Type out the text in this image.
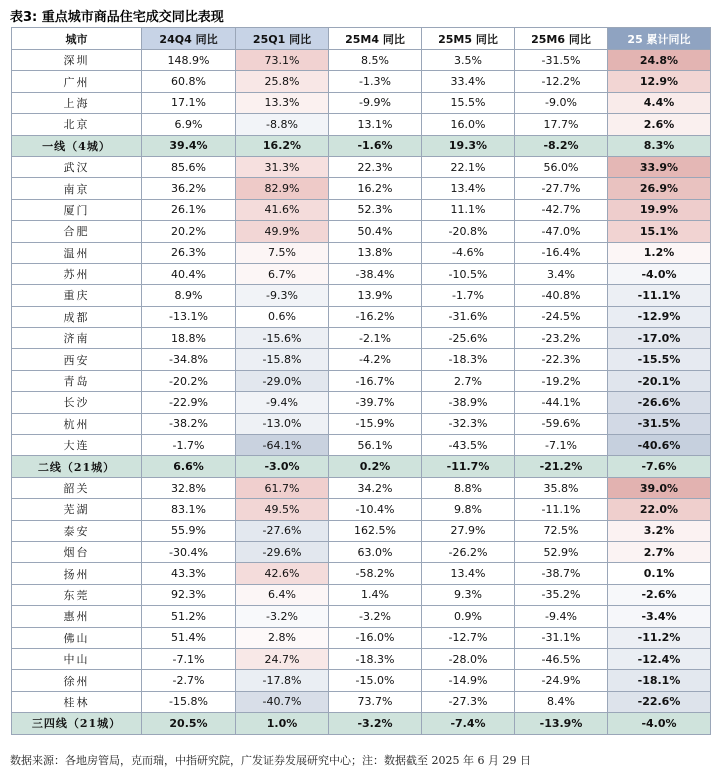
表3: 重点城市商品住宅成交同比表现
城市	24Q4 同比	25Q1 同比	25M4 同比	25M5 同比	25M6 同比	25 累计同比
深圳	148.9%	73.1%	8.5%	3.5%	-31.5%	24.8%
广州	60.8%	25.8%	-1.3%	33.4%	-12.2%	12.9%
上海	17.1%	13.3%	-9.9%	15.5%	-9.0%	4.4%
北京	6.9%	-8.8%	13.1%	16.0%	17.7%	2.6%
一线（4城）	39.4%	16.2%	-1.6%	19.3%	-8.2%	8.3%
武汉	85.6%	31.3%	22.3%	22.1%	56.0%	33.9%
南京	36.2%	82.9%	16.2%	13.4%	-27.7%	26.9%
厦门	26.1%	41.6%	52.3%	11.1%	-42.7%	19.9%
合肥	20.2%	49.9%	50.4%	-20.8%	-47.0%	15.1%
温州	26.3%	7.5%	13.8%	-4.6%	-16.4%	1.2%
苏州	40.4%	6.7%	-38.4%	-10.5%	3.4%	-4.0%
重庆	8.9%	-9.3%	13.9%	-1.7%	-40.8%	-11.1%
成都	-13.1%	0.6%	-16.2%	-31.6%	-24.5%	-12.9%
济南	18.8%	-15.6%	-2.1%	-25.6%	-23.2%	-17.0%
西安	-34.8%	-15.8%	-4.2%	-18.3%	-22.3%	-15.5%
青岛	-20.2%	-29.0%	-16.7%	2.7%	-19.2%	-20.1%
长沙	-22.9%	-9.4%	-39.7%	-38.9%	-44.1%	-26.6%
杭州	-38.2%	-13.0%	-15.9%	-32.3%	-59.6%	-31.5%
大连	-1.7%	-64.1%	56.1%	-43.5%	-7.1%	-40.6%
二线（21城）	6.6%	-3.0%	0.2%	-11.7%	-21.2%	-7.6%
韶关	32.8%	61.7%	34.2%	8.8%	35.8%	39.0%
芜湖	83.1%	49.5%	-10.4%	9.8%	-11.1%	22.0%
泰安	55.9%	-27.6%	162.5%	27.9%	72.5%	3.2%
烟台	-30.4%	-29.6%	63.0%	-26.2%	52.9%	2.7%
扬州	43.3%	42.6%	-58.2%	13.4%	-38.7%	0.1%
东莞	92.3%	6.4%	1.4%	9.3%	-35.2%	-2.6%
惠州	51.2%	-3.2%	-3.2%	0.9%	-9.4%	-3.4%
佛山	51.4%	2.8%	-16.0%	-12.7%	-31.1%	-11.2%
中山	-7.1%	24.7%	-18.3%	-28.0%	-46.5%	-12.4%
徐州	-2.7%	-17.8%	-15.0%	-14.9%	-24.9%	-18.1%
桂林	-15.8%	-40.7%	73.7%	-27.3%	8.4%	-22.6%
三四线（21城）	20.5%	1.0%	-3.2%	-7.4%	-13.9%	-4.0%
数据来源：各地房管局，克而瑞，中指研究院，广发证券发展研究中心；注：数据截至 2025 年 6 月 29 日
